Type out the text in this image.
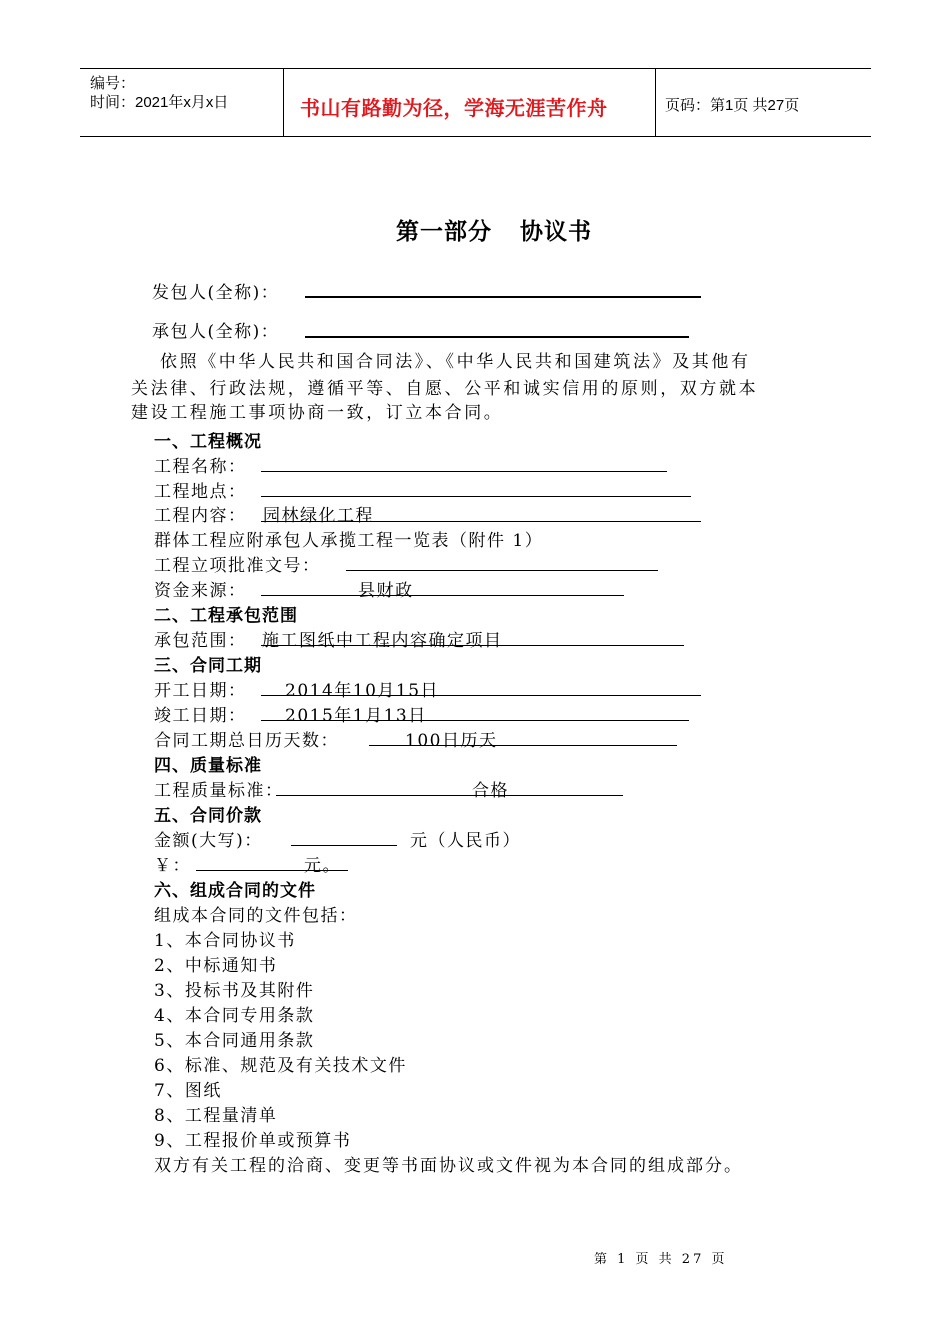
编号：
时间：2021年x月x日	书山有路勤为径，学海无涯苦作舟	页码：第1页 共27页
第一部分 协议书
发包人(全称)：
承包人(全称)：
依照《中华人民共和国合同法》、《中华人民共和国建筑法》及其他有
关法律、行政法规，遵循平等、自愿、公平和诚实信用的原则，双方就本
建设工程施工事项协商一致，订立本合同。
一、工程概况
工程名称：
工程地点：
工程内容： 园林绿化工程
群体工程应附承包人承揽工程一览表（附件 1）
工程立项批准文号：
资金来源：	县财政
二、工程承包范围
承包范围： 施工图纸中工程内容确定项目
三、合同工期
开工日期： 2014年10月15日
竣工日期： 2015年1月13日
合同工期总日历天数：	100日历天
四、质量标准
工程质量标准：	合格
五、合同价款
金额(大写)：	元（人民币）
￥：	元。
六、组成合同的文件
组成本合同的文件包括：
1、本合同协议书
2、中标通知书
3、投标书及其附件
4、本合同专用条款
5、本合同通用条款
6、标准、规范及有关技术文件
7、图纸
8、工程量清单
9、工程报价单或预算书
双方有关工程的洽商、变更等书面协议或文件视为本合同的组成部分。
第 1 页 共 27 页
